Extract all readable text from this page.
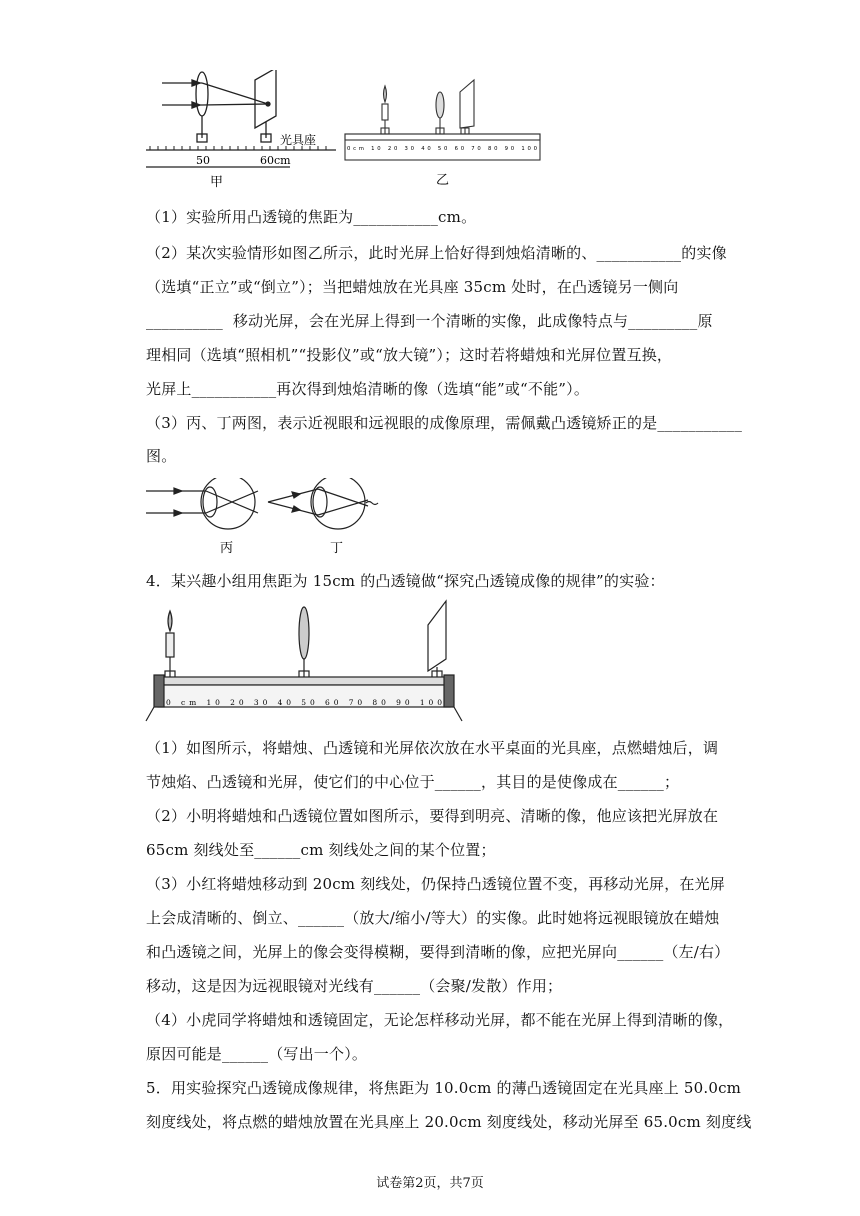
光具座
50	60cm
甲
0cm 10 20 30 40 50 60 70 80 90 100
乙
（1）实验所用凸透镜的焦距为___________cm。
（2）某次实验情形如图乙所示，此时光屏上恰好得到烛焰清晰的、___________的实像
（选填“正立”或“倒立”）；当把蜡烛放在光具座 35cm 处时，在凸透镜另一侧向
__________  移动光屏，会在光屏上得到一个清晰的实像，此成像特点与_________原
理相同（选填“照相机”“投影仪”或“放大镜”）；这时若将蜡烛和光屏位置互换，
光屏上___________再次得到烛焰清晰的像（选填“能”或“不能”）。
（3）丙、丁两图，表示近视眼和远视眼的成像原理，需佩戴凸透镜矫正的是___________
图。
丙	丁
4．某兴趣小组用焦距为 15cm 的凸透镜做“探究凸透镜成像的规律”的实验：
0 cm 10 20 30 40 50 60 70 80 90 100
（1）如图所示，将蜡烛、凸透镜和光屏依次放在水平桌面的光具座，点燃蜡烛后，调
节烛焰、凸透镜和光屏，使它们的中心位于______，其目的是使像成在______；
（2）小明将蜡烛和凸透镜位置如图所示，要得到明亮、清晰的像，他应该把光屏放在
65cm 刻线处至______cm 刻线处之间的某个位置；
（3）小红将蜡烛移动到 20cm 刻线处，仍保持凸透镜位置不变，再移动光屏，在光屏
上会成清晰的、倒立、______（放大/缩小/等大）的实像。此时她将远视眼镜放在蜡烛
和凸透镜之间，光屏上的像会变得模糊，要得到清晰的像，应把光屏向______（左/右）
移动，这是因为远视眼镜对光线有______（会聚/发散）作用；
（4）小虎同学将蜡烛和透镜固定，无论怎样移动光屏，都不能在光屏上得到清晰的像，
原因可能是______（写出一个）。
5．用实验探究凸透镜成像规律，将焦距为 10.0cm 的薄凸透镜固定在光具座上 50.0cm
刻度线处，将点燃的蜡烛放置在光具座上 20.0cm 刻度线处，移动光屏至 65.0cm 刻度线
试卷第2页，共7页
